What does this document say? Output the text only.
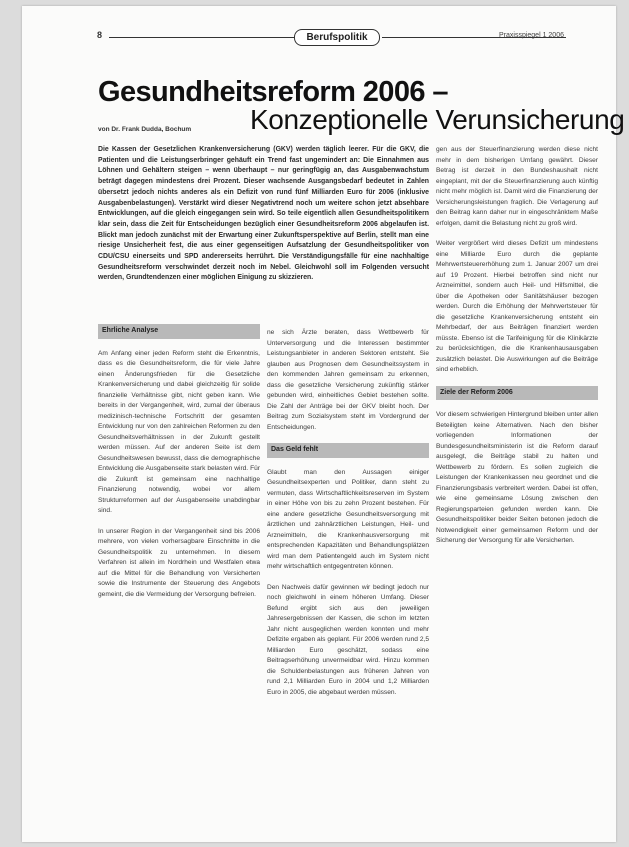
8	Berufspolitik	Praxisspiegel 1 2006
Gesundheitsreform 2006 –
Konzeptionelle Verunsicherung
von Dr. Frank Dudda, Bochum

Die Kassen der Gesetzlichen Krankenversicherung (GKV) werden täglich leerer. Für die GKV, die Patienten und die Leistungserbringer gehäuft ein Trend fast ungemindert an: Die Einnahmen aus Löhnen und Gehältern steigen – wenn überhaupt – nur geringfügig an, das Ausgabenwachstum beträgt dagegen mindestens drei Prozent. Dieser wachsende Ausgangsbedarf bedeutet in Zahlen übersetzt jedoch nichts anderes als ein Defizit von rund fünf Milliarden Euro für 2006 (inklusive Ausgabenbelastungen). Verstärkt wird dieser Negativtrend noch um weitere schon jetzt absehbare Entwicklungen, auf die gleich eingegangen sein wird. So teile eigentlich allen Gesundheitspolitikern klar sein, dass die Zeit für Entscheidungen bezüglich einer Gesundheitsreform 2006 abgelaufen ist. Blickt man jedoch zunächst mit der Erwartung einer Zukunftsperspektive auf Berlin, stellt man eine riesige Unsicherheit fest, die aus einer gegenseitigen Aufsatzlung der Gesundheitspolitiker von CDU/CSU einerseits und SPD andererseits herrührt. Die Verständigungsfälle für eine nachhaltige Gesundheitsreform verschwindet derzeit noch im Nebel. Gleichwohl soll im Folgenden versucht werden, Grundtendenzen einer möglichen Einigung zu skizzieren.

Ehrliche Analyse

Am Anfang einer jeden Reform steht die Erkenntnis, dass es die Gesundheitsreform, die für viele Jahre einen Änderungsfrieden für die Gesetzliche Krankenversicherung und dabei gleichzeitig für solide finanzielle Verhältnisse gibt, nicht geben kann. Wie bereits in der Vergangenheit, wird, zumal der überaus medizinisch-technische Fortschritt der gesamten Entwicklung nur von den zahlreichen Reformen zu den Gesundheitsverhältnissen in der Zukunft gestellt werden müssen. Auf der anderen Seite ist dem Gesundheitswesen bewusst, dass die demographische Entwicklung die Ausgabenseite stark belasten wird. Für die Zukunft ist gemeinsam eine nachhaltige Finanzierung notwendig, wobei vor allem Strukturreformen auf der Ausgabenseite unabdingbar sind.

In unserer Region in der Vergangenheit sind bis 2006 mehrere, von vielen vorhersagbare Einschnitte in die Gesundheitspolitik zu unternehmen. In diesem Verfahren ist allein im Nordrhein und Westfalen etwa auf die Mittel für die Behandlung von Versicherten sowie die Instrumente der Steuerung des Angebots gemeint, die die Vermeidung der Versorgung befreien.

ne sich Ärzte beraten, dass Wettbewerb für Unterversorgung und die Interessen bestimmter Leistungsanbieter in anderen Sektoren entsteht. Sie glauben aus Prognosen dem Gesundheitssystem in den kommenden Jahren gemeinsam zu erkennen, dass die gesetzliche Versicherung zukünftig stärker gebunden wird, einheitliches Gebiet bestehen sollte. Die Zahl der Anträge bei der GKV bleibt hoch. Der Beitrag zum Sozialsystem steht im Vordergrund der Entscheidungen.

Das Geld fehlt

Glaubt man den Aussagen einiger Gesundheitsexperten und Politiker, dann steht zu vermuten, dass Wirtschaftlichkeitsreserven im System in einer Höhe von bis zu zehn Prozent bestehen. Für eine andere gesetzliche Gesundheitsversorgung mit ärztlichen und zahnärztlichen Leistungen, Heil- und Arzneimitteln, die Krankenhausversorgung mit entsprechenden Kapazitäten und Behandlungsplätzen wird man dem Patientengeld auch im System nicht mehr wirtschaftlich entgegentreten können.

Den Nachweis dafür gewinnen wir bedingt jedoch nur noch gleichwohl in einem höheren Umfang. Dieser Befund ergibt sich aus den jeweiligen Jahresergebnissen der Kassen, die schon im letzten Jahr nicht ausgeglichen werden konnten und mehr Defizite ergaben als geplant. Für 2006 werden rund 2,5 Milliarden Euro geschätzt, sodass eine Beitragserhöhung unvermeidbar wird. Hinzu kommen die Schuldenbelastungen aus früheren Jahren von rund 2,1 Milliarden Euro in 2004 und 1,2 Milliarden Euro in 2005, die abgebaut werden müssen.

gen aus der Steuerfinanzierung werden diese nicht mehr in dem bisherigen Umfang gewährt. Dieser Betrag ist derzeit in den Bundeshaushalt nicht eingeplant, mit der die Steuerfinanzierung auch künftig nicht mehr möglich ist. Damit wird die Finanzierung der Versicherungsleistungen fraglich. Die Verlagerung auf den Beitrag kann daher nur in eingeschränktem Maße erfolgen, damit die Belastung nicht zu groß wird.

Weiter vergrößert wird dieses Defizit um mindestens eine Milliarde Euro durch die geplante Mehrwertsteuererhöhung zum 1. Januar 2007 um drei auf 19 Prozent. Hierbei betroffen sind nicht nur Arzneimittel, sondern auch Heil- und Hilfsmittel, die über die Apotheken oder Sanitätshäuser bezogen werden. Durch die Erhöhung der Mehrwertsteuer für die gesetzliche Krankenversicherung entsteht ein Mehrbedarf, der aus Beiträgen finanziert werden müsste. Ebenso ist die Tarifeinigung für die Klinikärzte zu berücksichtigen, die die Krankenhausausgaben zusätzlich belastet. Die Auswirkungen auf die Beiträge sind erheblich.

Ziele der Reform 2006

Vor diesem schwierigen Hintergrund bleiben unter allen Beteiligten keine Alternativen. Nach den bisher vorliegenden Informationen der Bundesgesundheitsministerin ist die Reform darauf ausgelegt, die Beiträge stabil zu halten und Wettbewerb zu fördern. Es sollen zugleich die Leistungen der Krankenkassen neu geordnet und die Finanzierungsbasis verbreitert werden. Dabei ist offen, wie eine gemeinsame Lösung zwischen den Regierungsparteien gefunden werden kann. Die Gesundheitspolitiker beider Seiten betonen jedoch die Notwendigkeit einer gemeinsamen Reform und der Sicherung der Versorgung für alle Versicherten.
